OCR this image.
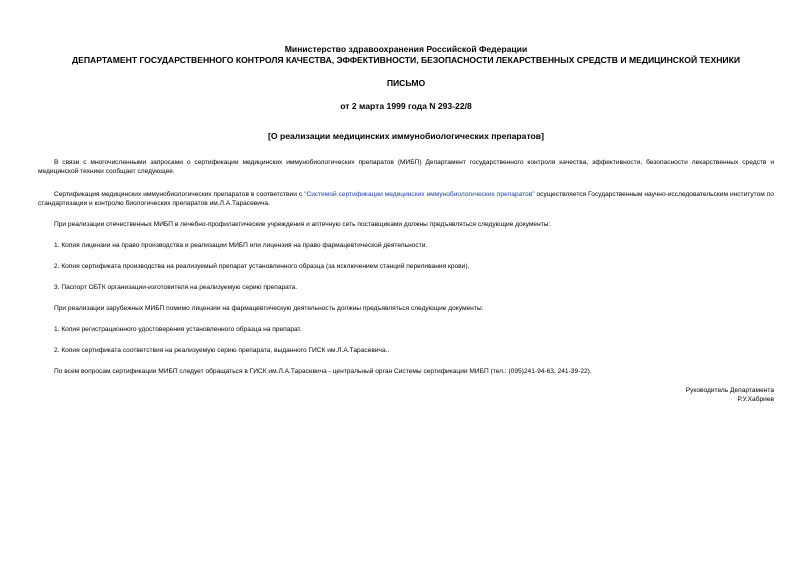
Министерство здравоохранения Российской Федерации
ДЕПАРТАМЕНТ ГОСУДАРСТВЕННОГО КОНТРОЛЯ КАЧЕСТВА, ЭФФЕКТИВНОСТИ, БЕЗОПАСНОСТИ ЛЕКАРСТВЕННЫХ СРЕДСТВ И МЕДИЦИНСКОЙ ТЕХНИКИ
ПИСЬМО
от 2 марта 1999 года N 293-22/8
[О реализации медицинских иммунобиологических препаратов]

В связи с многочисленными запросами о сертификации медицинских иммунобиологических препаратов (МИБП) Департамент государственного контроля качества, эффективности, безопасности лекарственных средств и медицинской техники сообщает следующее.

Сертификация медицинских иммунобиологических препаратов в соответствии с "Системой сертификации медицинских иммунобиологических препаратов" осуществляется Государственным научно-исследовательским институтом по стандартизации и контролю биологических препаратов им.Л.А.Тарасевича.

При реализации отечественных МИБП в лечебно-профилактические учреждения и аптечную сеть поставщиками должны предъявляться следующие документы:

1. Копия лицензии на право производства и реализации МИБП или лицензия на право фармацевтической деятельности.

2. Копия сертификата производства на реализуемый препарат установленного образца (за исключением станций переливания крови).

3. Паспорт ОБТК организации-изготовителя на реализуемую серию препарата.

При реализации зарубежных МИБП помимо лицензии на фармацевтическую деятельность должны предъявляться следующие документы:

1. Копия регистрационного удостоверения установленного образца на препарат.

2. Копия сертификата соответствия на реализуемую серию препарата, выданного ГИСК им.Л.А.Тарасевича..

По всем вопросам сертификации МИБП следует обращаться в ГИСК им.Л.А.Тарасевича - центральный орган Системы сертификации МИБП (тел.: (095)241-94-63, 241-39-22).

Руководитель Департамента
Р.У.Хабриев
